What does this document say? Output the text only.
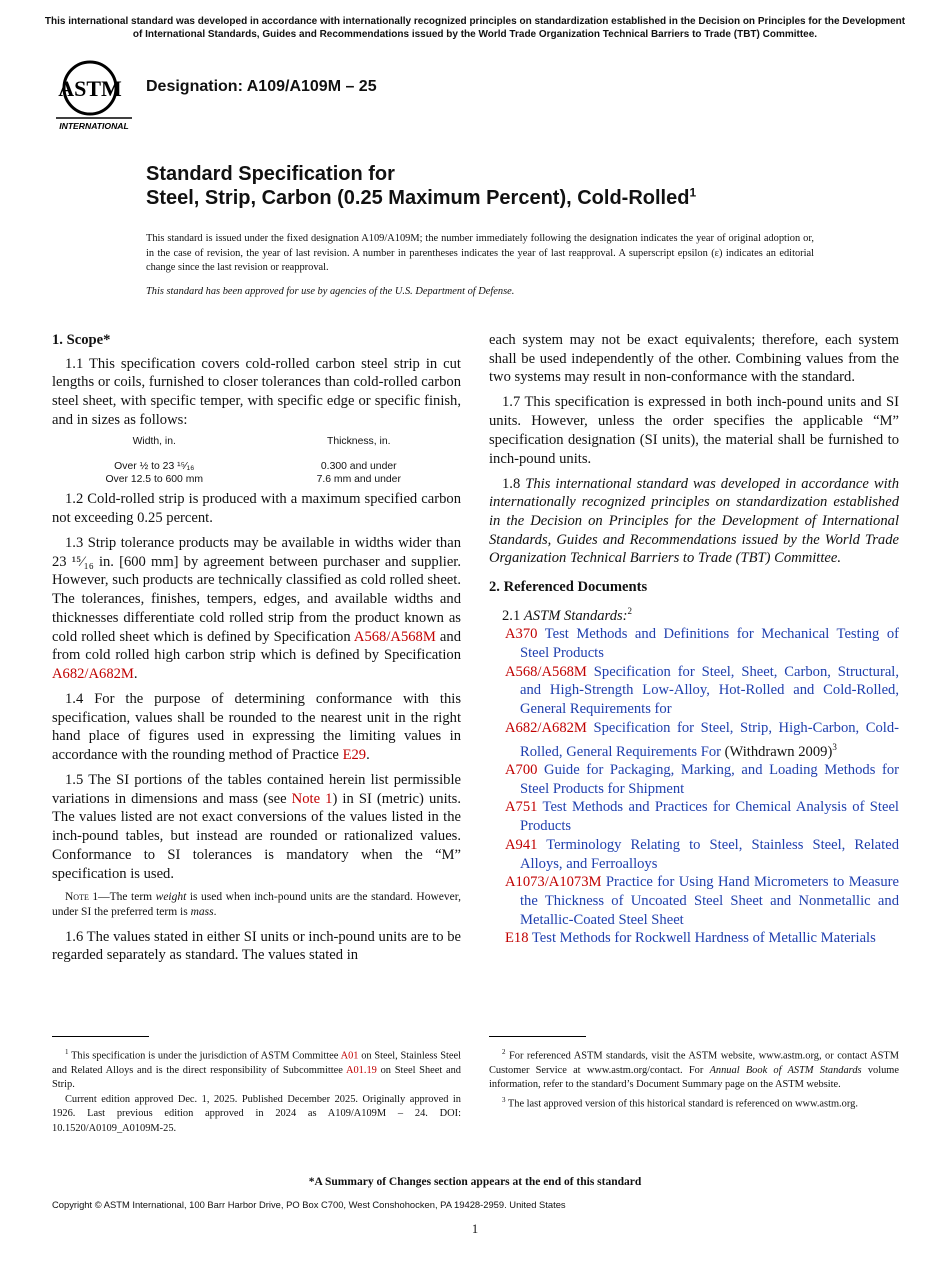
This international standard was developed in accordance with internationally recognized principles on standardization established in the Decision on Principles for the Development of International Standards, Guides and Recommendations issued by the World Trade Organization Technical Barriers to Trade (TBT) Committee.
ASTM
INTERNATIONAL
Designation: A109/A109M – 25
Standard Specification for
Steel, Strip, Carbon (0.25 Maximum Percent), Cold-Rolled$^1$
This standard is issued under the fixed designation A109/A109M; the number immediately following the designation indicates the year of original adoption or, in the case of revision, the year of last revision. A number in parentheses indicates the year of last reapproval. A superscript epsilon (ε) indicates an editorial change since the last revision or reapproval.
This standard has been approved for use by agencies of the U.S. Department of Defense.
1. Scope*

1.1 This specification covers cold-rolled carbon steel strip in cut lengths or coils, furnished to closer tolerances than cold-rolled carbon steel sheet, with specific temper, with specific edge or specific finish, and in sizes as follows:

Width, in.	Thickness, in.
Over ½ to 23 ¹⁵⁄₁₆	0.300 and under
Over 12.5 to 600 mm	7.6 mm and under

1.2 Cold-rolled strip is produced with a maximum specified carbon not exceeding 0.25 percent.

1.3 Strip tolerance products may be available in widths wider than 23 ¹⁵⁄₁₆ in. [600 mm] by agreement between purchaser and supplier. However, such products are technically classified as cold rolled sheet. The tolerances, finishes, tempers, edges, and available widths and thicknesses differentiate cold rolled strip from the product known as cold rolled sheet which is defined by Specification A568/A568M and from cold rolled high carbon strip which is defined by Specification A682/A682M.

1.4 For the purpose of determining conformance with this specification, values shall be rounded to the nearest unit in the right hand place of figures used in expressing the limiting values in accordance with the rounding method of Practice E29.

1.5 The SI portions of the tables contained herein list permissible variations in dimensions and mass (see Note 1) in SI (metric) units. The values listed are not exact conversions of the values listed in the inch-pound tables, but instead are rounded or rationalized values. Conformance to SI tolerances is mandatory when the “M” specification is used.

Note 1—The term weight is used when inch-pound units are the standard. However, under SI the preferred term is mass.

1.6 The values stated in either SI units or inch-pound units are to be regarded separately as standard. The values stated in

each system may not be exact equivalents; therefore, each system shall be used independently of the other. Combining values from the two systems may result in non-conformance with the standard.

1.7 This specification is expressed in both inch-pound units and SI units. However, unless the order specifies the applicable “M” specification designation (SI units), the material shall be furnished to inch-pound units.

1.8 This international standard was developed in accordance with internationally recognized principles on standardization established in the Decision on Principles for the Development of International Standards, Guides and Recommendations issued by the World Trade Organization Technical Barriers to Trade (TBT) Committee.

2. Referenced Documents

2.1 ASTM Standards:$^2$

A370 Test Methods and Definitions for Mechanical Testing of Steel Products
A568/A568M Specification for Steel, Sheet, Carbon, Structural, and High-Strength Low-Alloy, Hot-Rolled and Cold-Rolled, General Requirements for
A682/A682M Specification for Steel, Strip, High-Carbon, Cold-Rolled, General Requirements For (Withdrawn 2009)$^3$
A700 Guide for Packaging, Marking, and Loading Methods for Steel Products for Shipment
A751 Test Methods and Practices for Chemical Analysis of Steel Products
A941 Terminology Relating to Steel, Stainless Steel, Related Alloys, and Ferroalloys
A1073/A1073M Practice for Using Hand Micrometers to Measure the Thickness of Uncoated Steel Sheet and Nonmetallic and Metallic-Coated Steel Sheet
E18 Test Methods for Rockwell Hardness of Metallic Materials

$^1$ This specification is under the jurisdiction of ASTM Committee A01 on Steel, Stainless Steel and Related Alloys and is the direct responsibility of Subcommittee A01.19 on Steel Sheet and Strip.

Current edition approved Dec. 1, 2025. Published December 2025. Originally approved in 1926. Last previous edition approved in 2024 as A109/A109M – 24. DOI: 10.1520/A0109_A0109M-25.

$^2$ For referenced ASTM standards, visit the ASTM website, www.astm.org, or contact ASTM Customer Service at www.astm.org/contact. For Annual Book of ASTM Standards volume information, refer to the standard’s Document Summary page on the ASTM website.

$^3$ The last approved version of this historical standard is referenced on www.astm.org.

*A Summary of Changes section appears at the end of this standard
Copyright © ASTM International, 100 Barr Harbor Drive, PO Box C700, West Conshohocken, PA 19428-2959. United States
1
